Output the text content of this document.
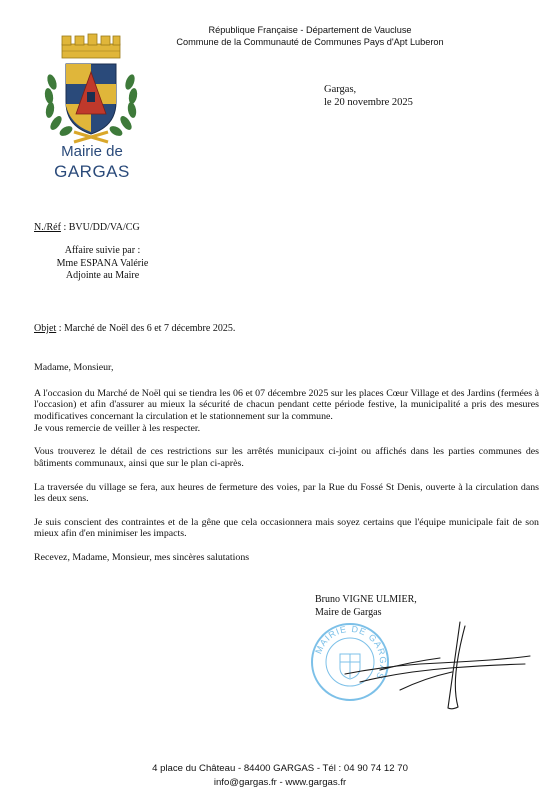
République Française - Département de Vaucluse
Commune de la Communauté de Communes Pays d'Apt Luberon
Mairie de
GARGAS
Gargas,
le 20 novembre 2025
N./Réf : BVU/DD/VA/CG
Affaire suivie par :
Mme ESPANA Valérie
Adjointe au Maire
Objet : Marché de Noël des 6 et 7 décembre 2025.

Madame, Monsieur,

A l'occasion du Marché de Noël qui se tiendra les 06 et 07 décembre 2025 sur les places Cœur Village et des Jardins (fermées à l'occasion) et afin d'assurer au mieux la sécurité de chacun pendant cette période festive, la municipalité a pris des mesures modificatives concernant la circulation et le stationnement sur la commune.

Je vous remercie de veiller à les respecter.

Vous trouverez le détail de ces restrictions sur les arrêtés municipaux ci-joint ou affichés dans les parties communes des bâtiments communaux, ainsi que sur le plan ci-après.

La traversée du village se fera, aux heures de fermeture des voies, par la Rue du Fossé St Denis, ouverte à la circulation dans les deux sens.

Je suis conscient des contraintes et de la gêne que cela occasionnera mais soyez certains que l'équipe municipale fait de son mieux afin d'en minimiser les impacts.

Recevez, Madame, Monsieur, mes sincères salutations

Bruno VIGNE ULMIER,
Maire de Gargas
MAIRIE DE GARGAS
4 place du Château - 84400 GARGAS - Tél : 04 90 74 12 70
info@gargas.fr - www.gargas.fr
